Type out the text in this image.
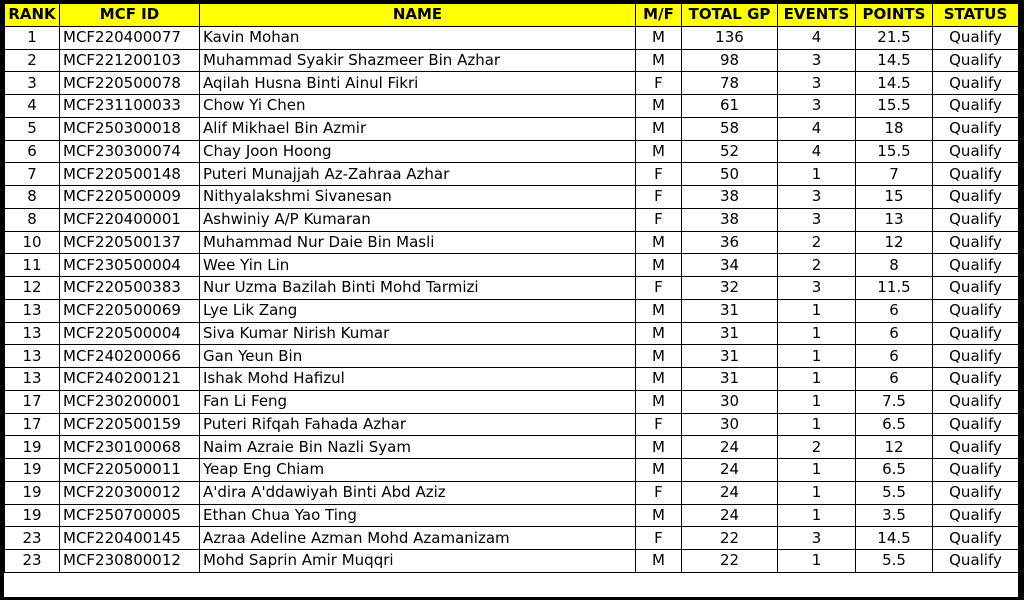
RANK	MCF ID	NAME	M/F	TOTAL GP	EVENTS	POINTS	STATUS
1	MCF220400077	Kavin Mohan	M	136	4	21.5	Qualify
2	MCF221200103	Muhammad Syakir Shazmeer Bin Azhar	M	98	3	14.5	Qualify
3	MCF220500078	Aqilah Husna Binti Ainul Fikri	F	78	3	14.5	Qualify
4	MCF231100033	Chow Yi Chen	M	61	3	15.5	Qualify
5	MCF250300018	Alif Mikhael Bin Azmir	M	58	4	18	Qualify
6	MCF230300074	Chay Joon Hoong	M	52	4	15.5	Qualify
7	MCF220500148	Puteri Munajjah Az-Zahraa Azhar	F	50	1	7	Qualify
8	MCF220500009	Nithyalakshmi Sivanesan	F	38	3	15	Qualify
8	MCF220400001	Ashwiniy A/P Kumaran	F	38	3	13	Qualify
10	MCF220500137	Muhammad Nur Daie Bin Masli	M	36	2	12	Qualify
11	MCF230500004	Wee Yin Lin	M	34	2	8	Qualify
12	MCF220500383	Nur Uzma Bazilah Binti Mohd Tarmizi	F	32	3	11.5	Qualify
13	MCF220500069	Lye Lik Zang	M	31	1	6	Qualify
13	MCF220500004	Siva Kumar Nirish Kumar	M	31	1	6	Qualify
13	MCF240200066	Gan Yeun Bin	M	31	1	6	Qualify
13	MCF240200121	Ishak Mohd Hafizul	M	31	1	6	Qualify
17	MCF230200001	Fan Li Feng	M	30	1	7.5	Qualify
17	MCF220500159	Puteri Rifqah Fahada Azhar	F	30	1	6.5	Qualify
19	MCF230100068	Naim Azraie Bin Nazli Syam	M	24	2	12	Qualify
19	MCF220500011	Yeap Eng Chiam	M	24	1	6.5	Qualify
19	MCF220300012	A'dira A'ddawiyah Binti Abd Aziz	F	24	1	5.5	Qualify
19	MCF250700005	Ethan Chua Yao Ting	M	24	1	3.5	Qualify
23	MCF220400145	Azraa Adeline Azman Mohd Azamanizam	F	22	3	14.5	Qualify
23	MCF230800012	Mohd Saprin Amir Muqqri	M	22	1	5.5	Qualify
